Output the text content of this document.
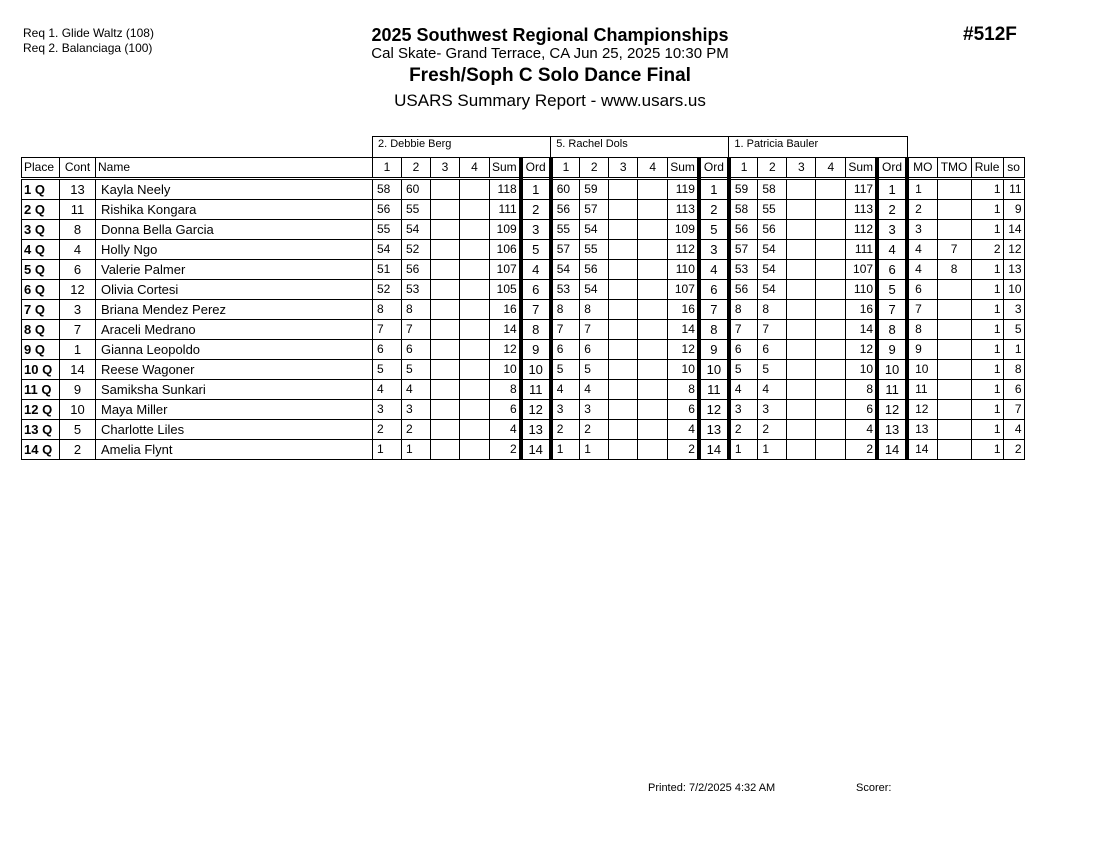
Req 1. Glide Waltz (108)
Req 2. Balanciaga (100)
2025 Southwest Regional Championships
Cal Skate- Grand Terrace, CA Jun 25, 2025 10:30 PM
Fresh/Soph C Solo Dance Final
USARS Summary Report - www.usars.us
#512F
			2. Debbie Berg						5. Rachel Dols						1. Patricia Bauler									
Place	Cont	Name	1	2	3	4	Sum	Ord	1	2	3	4	Sum	Ord	1	2	3	4	Sum	Ord	MO	TMO	Rule	so
1 Q	13	Kayla Neely	58	60			118	1	60	59			119	1	59	58			117	1	1		1	11
2 Q	11	Rishika Kongara	56	55			111	2	56	57			113	2	58	55			113	2	2		1	9
3 Q	8	Donna Bella Garcia	55	54			109	3	55	54			109	5	56	56			112	3	3		1	14
4 Q	4	Holly Ngo	54	52			106	5	57	55			112	3	57	54			111	4	4	7	2	12
5 Q	6	Valerie Palmer	51	56			107	4	54	56			110	4	53	54			107	6	4	8	1	13
6 Q	12	Olivia Cortesi	52	53			105	6	53	54			107	6	56	54			110	5	6		1	10
7 Q	3	Briana Mendez Perez	8	8			16	7	8	8			16	7	8	8			16	7	7		1	3
8 Q	7	Araceli Medrano	7	7			14	8	7	7			14	8	7	7			14	8	8		1	5
9 Q	1	Gianna Leopoldo	6	6			12	9	6	6			12	9	6	6			12	9	9		1	1
10 Q	14	Reese Wagoner	5	5			10	10	5	5			10	10	5	5			10	10	10		1	8
11 Q	9	Samiksha Sunkari	4	4			8	11	4	4			8	11	4	4			8	11	11		1	6
12 Q	10	Maya Miller	3	3			6	12	3	3			6	12	3	3			6	12	12		1	7
13 Q	5	Charlotte Liles	2	2			4	13	2	2			4	13	2	2			4	13	13		1	4
14 Q	2	Amelia Flynt	1	1			2	14	1	1			2	14	1	1			2	14	14		1	2
Printed: 7/2/2025 4:32 AM	Scorer:
